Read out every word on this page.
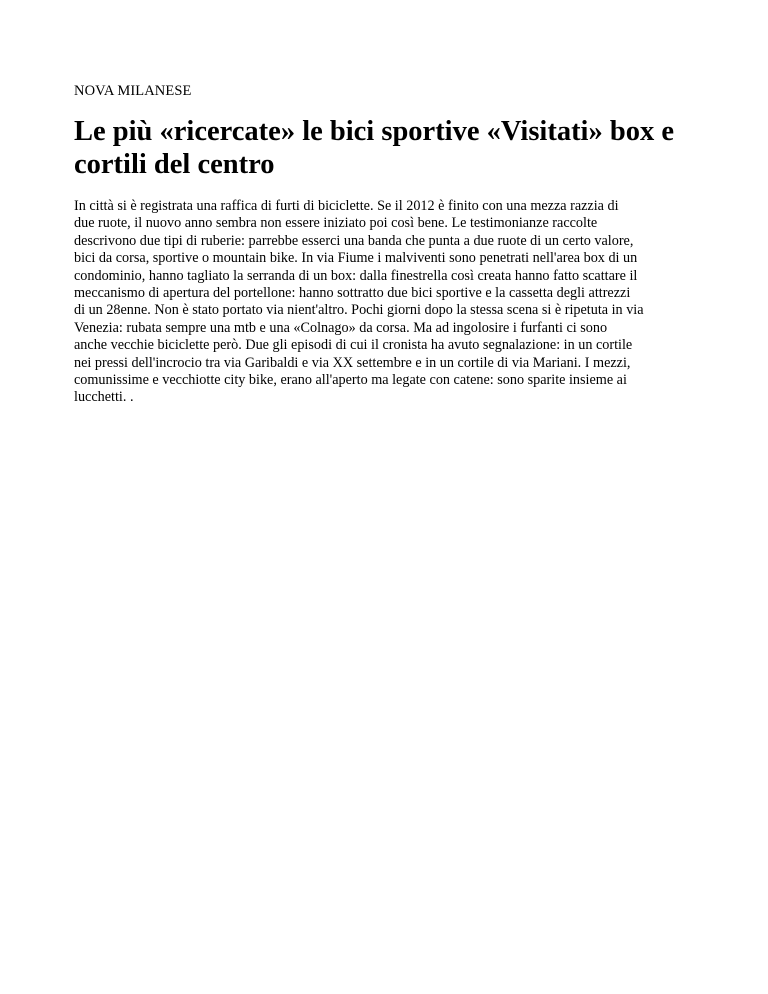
NOVA MILANESE

Le più «ricercate» le bici sportive «Visitati» box e cortili del centro

In città si è registrata una raffica di furti di biciclette. Se il 2012 è finito con una mezza razzia di
due ruote, il nuovo anno sembra non essere iniziato poi così bene. Le testimonianze raccolte
descrivono due tipi di ruberie: parrebbe esserci una banda che punta a due ruote di un certo valore,
bici da corsa, sportive o mountain bike. In via Fiume i malviventi sono penetrati nell'area box di un
condominio, hanno tagliato la serranda di un box: dalla finestrella così creata hanno fatto scattare il
meccanismo di apertura del portellone: hanno sottratto due bici sportive e la cassetta degli attrezzi
di un 28enne. Non è stato portato via nient'altro. Pochi giorni dopo la stessa scena si è ripetuta in via
Venezia: rubata sempre una mtb e una «Colnago» da corsa. Ma ad ingolosire i furfanti ci sono
anche vecchie biciclette però. Due gli episodi di cui il cronista ha avuto segnalazione: in un cortile
nei pressi dell'incrocio tra via Garibaldi e via XX settembre e in un cortile di via Mariani. I mezzi,
comunissime e vecchiotte city bike, erano all'aperto ma legate con catene: sono sparite insieme ai
lucchetti. .
